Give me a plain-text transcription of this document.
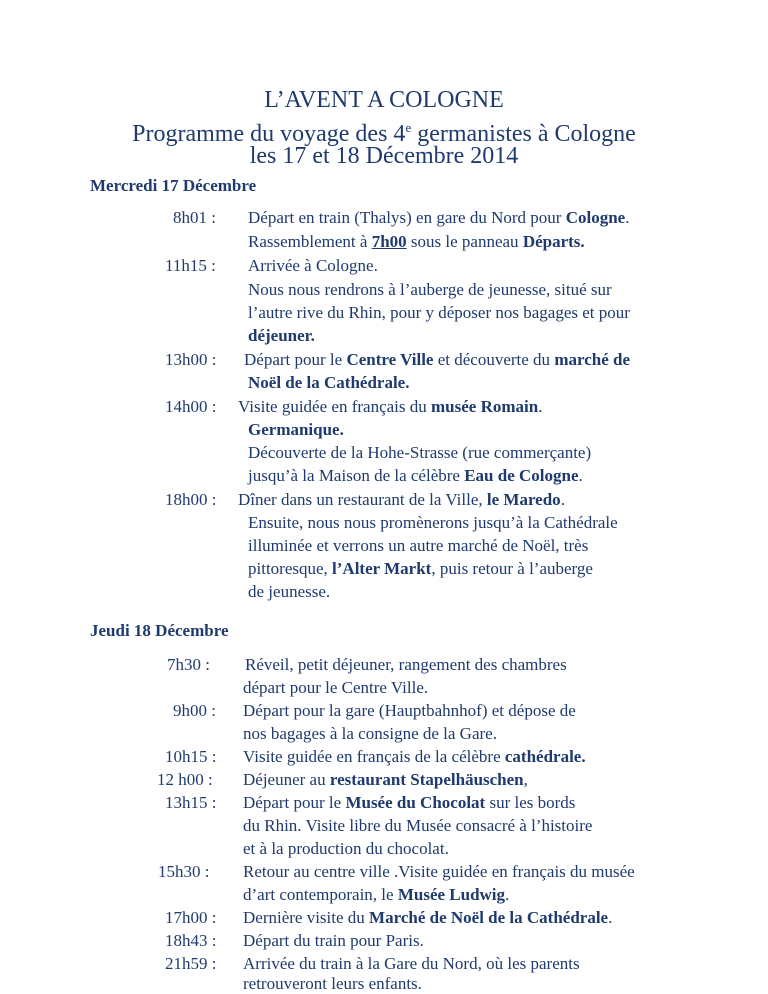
L’AVENT A COLOGNE
Programme du voyage des 4e germanistes à Cologne
les 17 et 18 Décembre 2014
Mercredi 17 Décembre
8h01 : Départ en train (Thalys) en gare du Nord pour Cologne.
Rassemblement à 7h00 sous le panneau Départs.
11h15 : Arrivée à Cologne.
Nous nous rendrons à l’auberge de jeunesse, situé sur
l’autre rive du Rhin, pour y déposer nos bagages et pour
déjeuner.
13h00 : Départ pour le Centre Ville et découverte du marché de
Noël de la Cathédrale.
14h00 : Visite guidée en français du musée Romain.
Germanique.
Découverte de la Hohe-Strasse (rue commerçante)
jusqu’à la Maison de la célèbre Eau de Cologne.
18h00 : Dîner dans un restaurant de la Ville, le Maredo.
Ensuite, nous nous promènerons jusqu’à la Cathédrale
illuminée et verrons un autre marché de Noël, très
pittoresque, l’Alter Markt, puis retour à l’auberge
de jeunesse.
Jeudi 18 Décembre
7h30 : Réveil, petit déjeuner, rangement des chambres
départ pour le Centre Ville.
9h00 : Départ pour la gare (Hauptbahnhof) et dépose de
nos bagages à la consigne de la Gare.
10h15 : Visite guidée en français de la célèbre cathédrale.
12 h00 : Déjeuner au restaurant Stapelhäuschen,
13h15 : Départ pour le Musée du Chocolat sur les bords
du Rhin. Visite libre du Musée consacré à l’histoire
et à la production du chocolat.
15h30 : Retour au centre ville .Visite guidée en français du musée
d’art contemporain, le Musée Ludwig.
17h00 : Dernière visite du Marché de Noël de la Cathédrale.
18h43 : Départ du train pour Paris.
21h59 : Arrivée du train à la Gare du Nord, où les parents
retrouveront leurs enfants.
